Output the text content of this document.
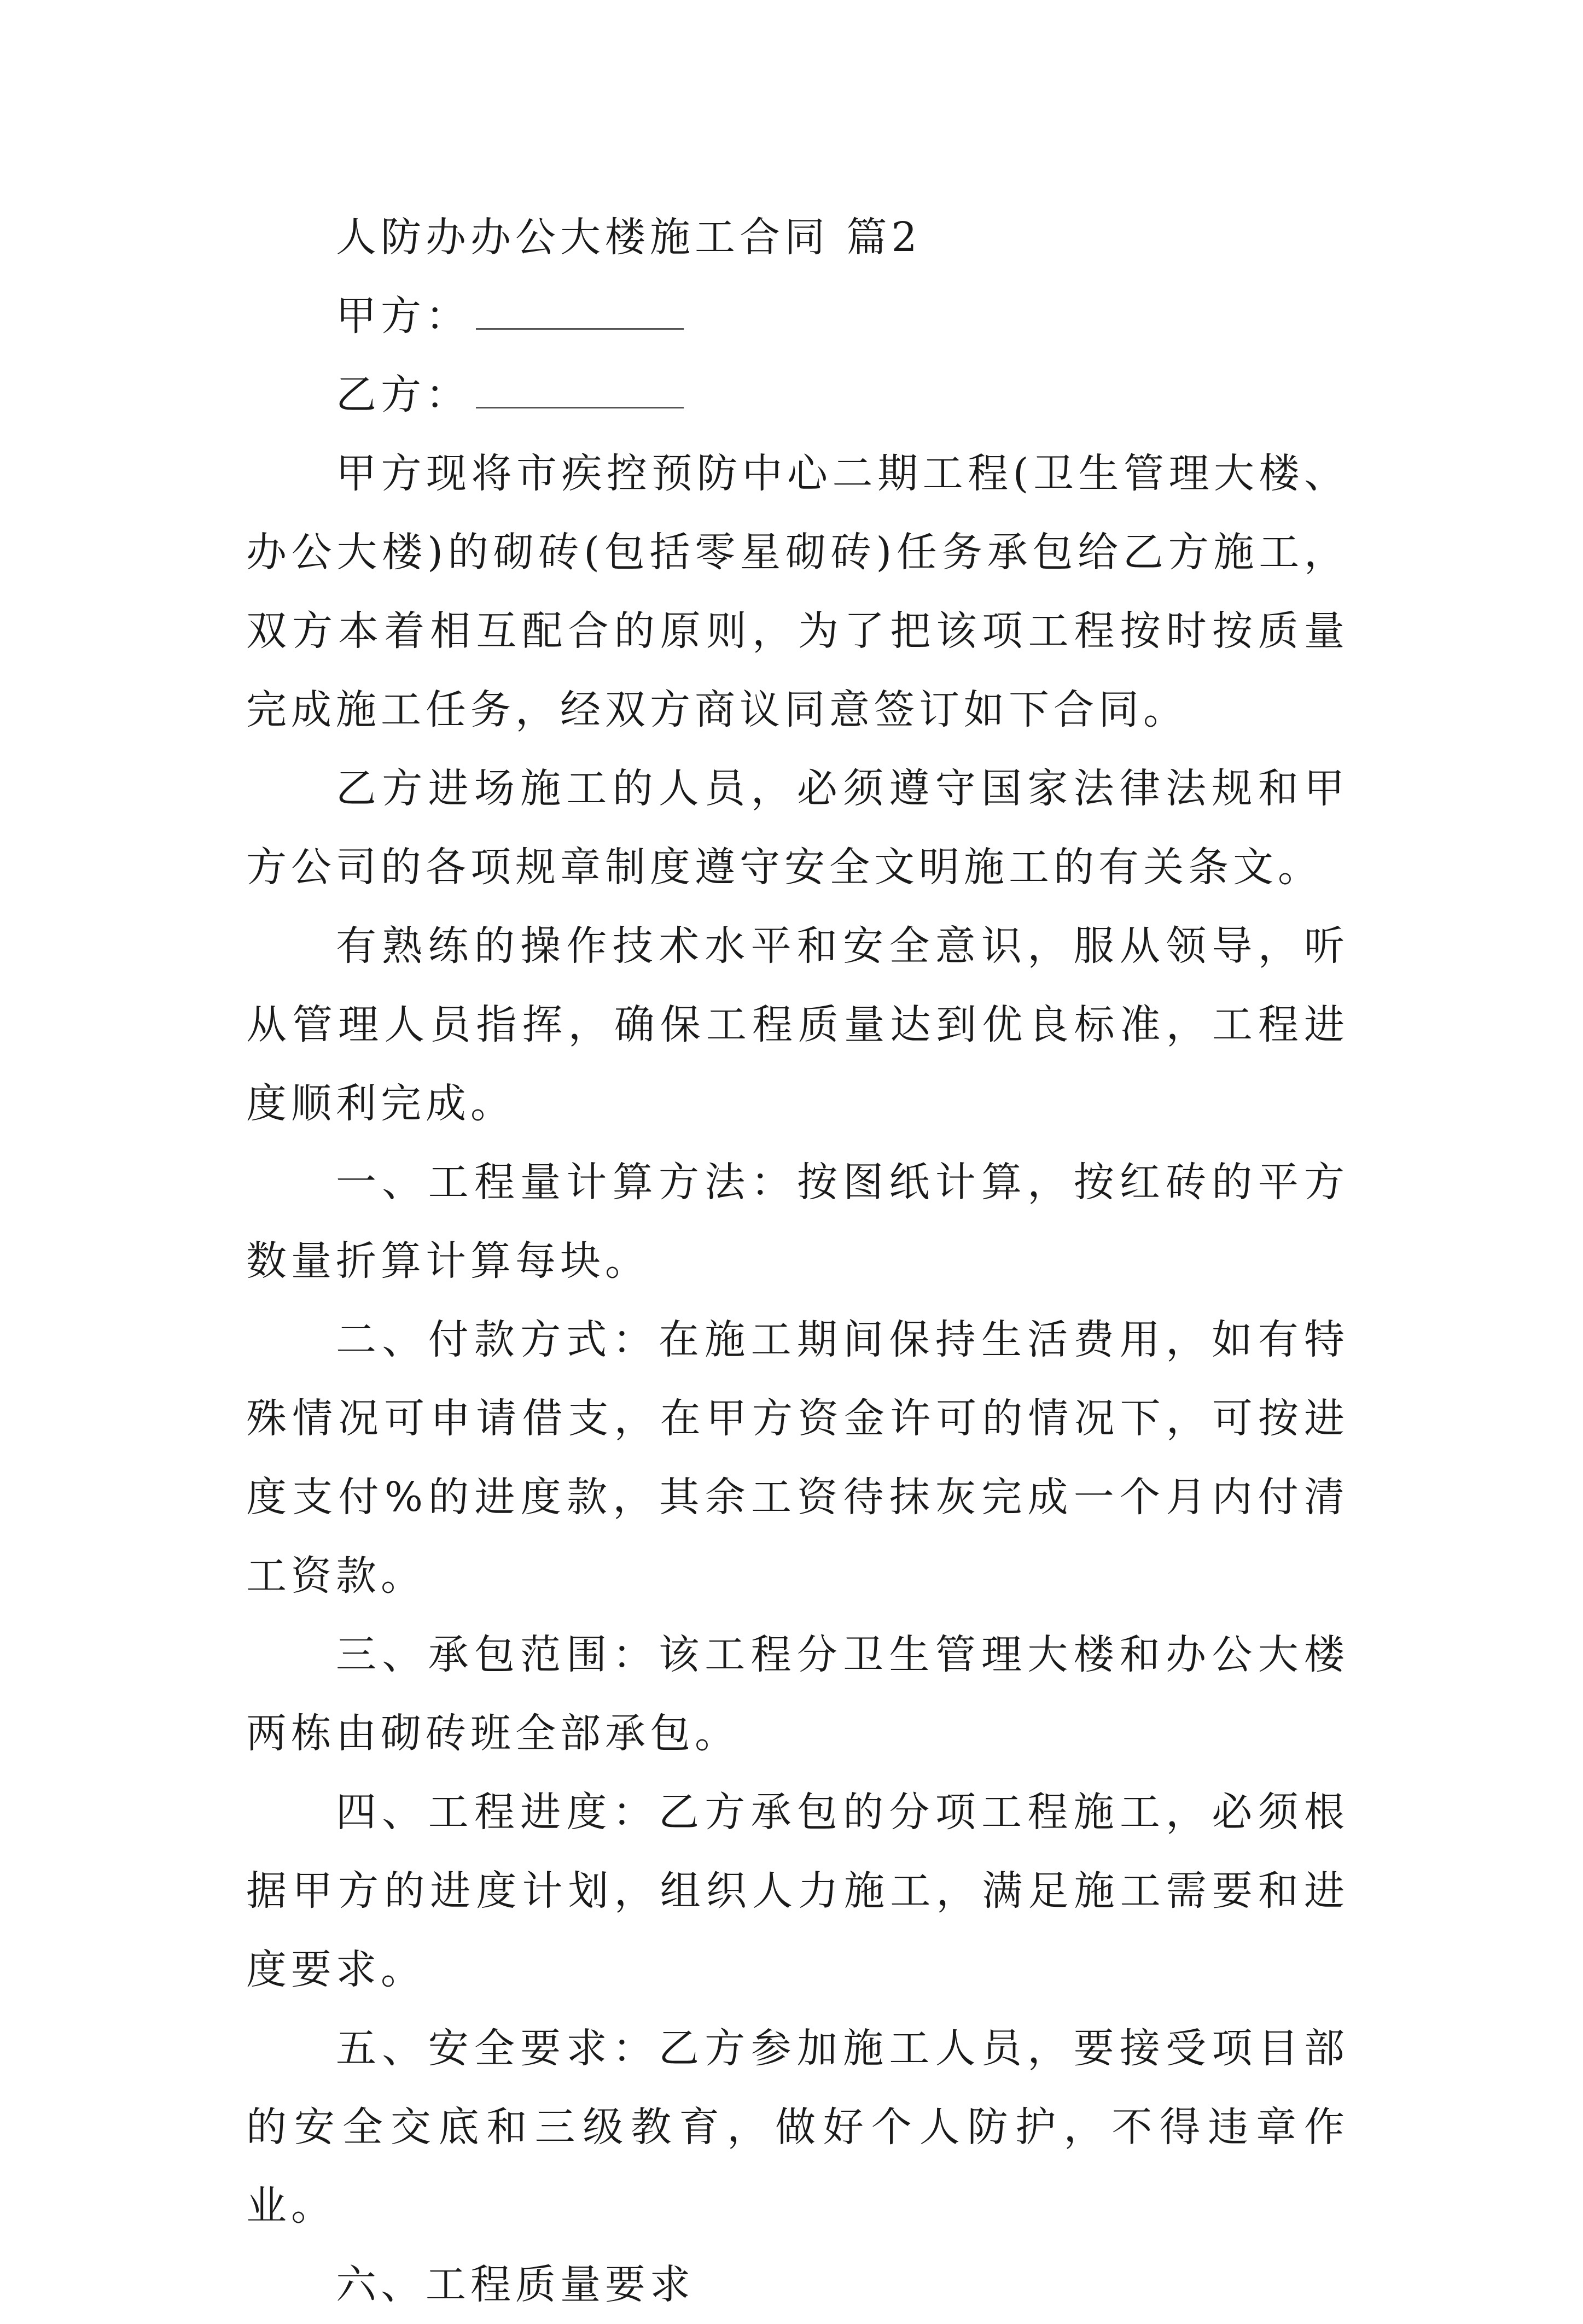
人防办办公大楼施工合同 篇2

甲方：

乙方：

甲方现将市疾控预防中心二期工程(卫生管理大楼、办公大楼)的砌砖(包括零星砌砖)任务承包给乙方施工，双方本着相互配合的原则，为了把该项工程按时按质量完成施工任务，经双方商议同意签订如下合同。

乙方进场施工的人员，必须遵守国家法律法规和甲方公司的各项规章制度遵守安全文明施工的有关条文。

有熟练的操作技术水平和安全意识，服从领导，听从管理人员指挥，确保工程质量达到优良标准，工程进度顺利完成。

一、工程量计算方法：按图纸计算，按红砖的平方数量折算计算每块。

二、付款方式：在施工期间保持生活费用，如有特殊情况可申请借支，在甲方资金许可的情况下，可按进度支付%的进度款，其余工资待抹灰完成一个月内付清工资款。

三、承包范围：该工程分卫生管理大楼和办公大楼两栋由砌砖班全部承包。

四、工程进度：乙方承包的分项工程施工，必须根据甲方的进度计划，组织人力施工，满足施工需要和进度要求。

五、安全要求：乙方参加施工人员，要接受项目部的安全交底和三级教育，做好个人防护，不得违章作业。

六、工程质量要求
